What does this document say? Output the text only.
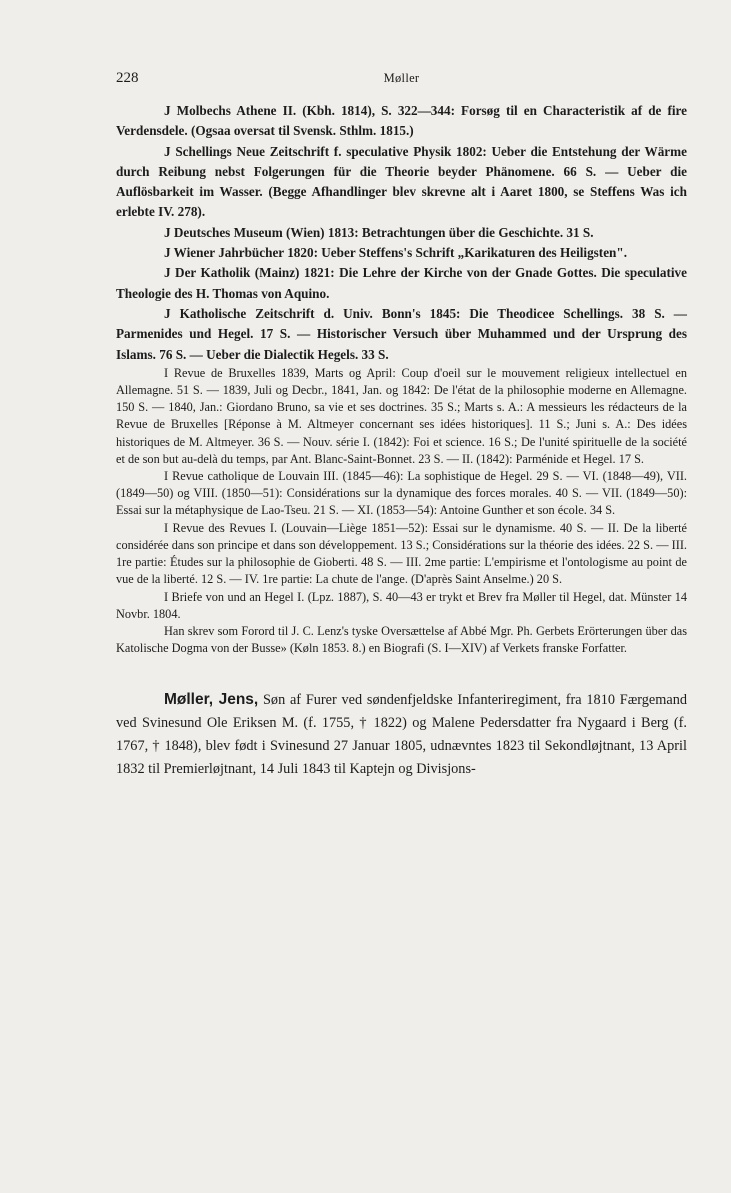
228	Møller

J Molbechs Athene II. (Kbh. 1814), S. 322—344: Forsøg til en Characteristik af de fire Verdensdele. (Ogsaa oversat til Svensk. Sthlm. 1815.)

J Schellings Neue Zeitschrift f. speculative Physik 1802: Ueber die Entstehung der Wärme durch Reibung nebst Folgerungen für die Theorie beyder Phänomene. 66 S. — Ueber die Auflösbarkeit im Wasser. (Begge Afhandlinger blev skrevne alt i Aaret 1800, se Steffens Was ich erlebte IV. 278).

J Deutsches Museum (Wien) 1813: Betrachtungen über die Geschichte. 31 S.

J Wiener Jahrbücher 1820: Ueber Steffens's Schrift „Karikaturen des Heiligsten".

J Der Katholik (Mainz) 1821: Die Lehre der Kirche von der Gnade Gottes. Die speculative Theologie des H. Thomas von Aquino.

J Katholische Zeitschrift d. Univ. Bonn's 1845: Die Theodicee Schellings. 38 S. — Parmenides und Hegel. 17 S. — Historischer Versuch über Muhammed und der Ursprung des Islams. 76 S. — Ueber die Dialectik Hegels. 33 S.

I Revue de Bruxelles 1839, Marts og April: Coup d'oeil sur le mouvement religieux intellectuel en Allemagne. 51 S. — 1839, Juli og Decbr., 1841, Jan. og 1842: De l'état de la philosophie moderne en Allemagne. 150 S. — 1840, Jan.: Giordano Bruno, sa vie et ses doctrines. 35 S.; Marts s. A.: A messieurs les rédacteurs de la Revue de Bruxelles [Réponse à M. Altmeyer concernant ses idées historiques]. 11 S.; Juni s. A.: Des idées historiques de M. Altmeyer. 36 S. — Nouv. série I. (1842): Foi et science. 16 S.; De l'unité spirituelle de la société et de son but au-delà du temps, par Ant. Blanc-Saint-Bonnet. 23 S. — II. (1842): Parménide et Hegel. 17 S.

I Revue catholique de Louvain III. (1845—46): La sophistique de Hegel. 29 S. — VI. (1848—49), VII. (1849—50) og VIII. (1850—51): Considérations sur la dynamique des forces morales. 40 S. — VII. (1849—50): Essai sur la métaphysique de Lao-Tseu. 21 S. — XI. (1853—54): Antoine Gunther et son école. 34 S.

I Revue des Revues I. (Louvain—Liège 1851—52): Essai sur le dynamisme. 40 S. — II. De la liberté considérée dans son principe et dans son développement. 13 S.; Considérations sur la théorie des idées. 22 S. — III. 1re partie: Études sur la philosophie de Gioberti. 48 S. — III. 2me partie: L'empirisme et l'ontologisme au point de vue de la liberté. 12 S. — IV. 1re partie: La chute de l'ange. (D'après Saint Anselme.) 20 S.

I Briefe von und an Hegel I. (Lpz. 1887), S. 40—43 er trykt et Brev fra Møller til Hegel, dat. Münster 14 Novbr. 1804.

Han skrev som Forord til J. C. Lenz's tyske Oversættelse af Abbé Mgr. Ph. Gerbets Erörterungen über das Katolische Dogma von der Busse» (Køln 1853. 8.) en Biografi (S. I—XIV) af Verkets franske Forfatter.

Møller, Jens, Søn af Furer ved søndenfjeldske Infanteriregiment, fra 1810 Færgemand ved Svinesund Ole Eriksen M. (f. 1755, † 1822) og Malene Pedersdatter fra Nygaard i Berg (f. 1767, † 1848), blev født i Svinesund 27 Januar 1805, udnævntes 1823 til Sekondløjtnant, 13 April 1832 til Premierløjtnant, 14 Juli 1843 til Kaptejn og Divisjons-
